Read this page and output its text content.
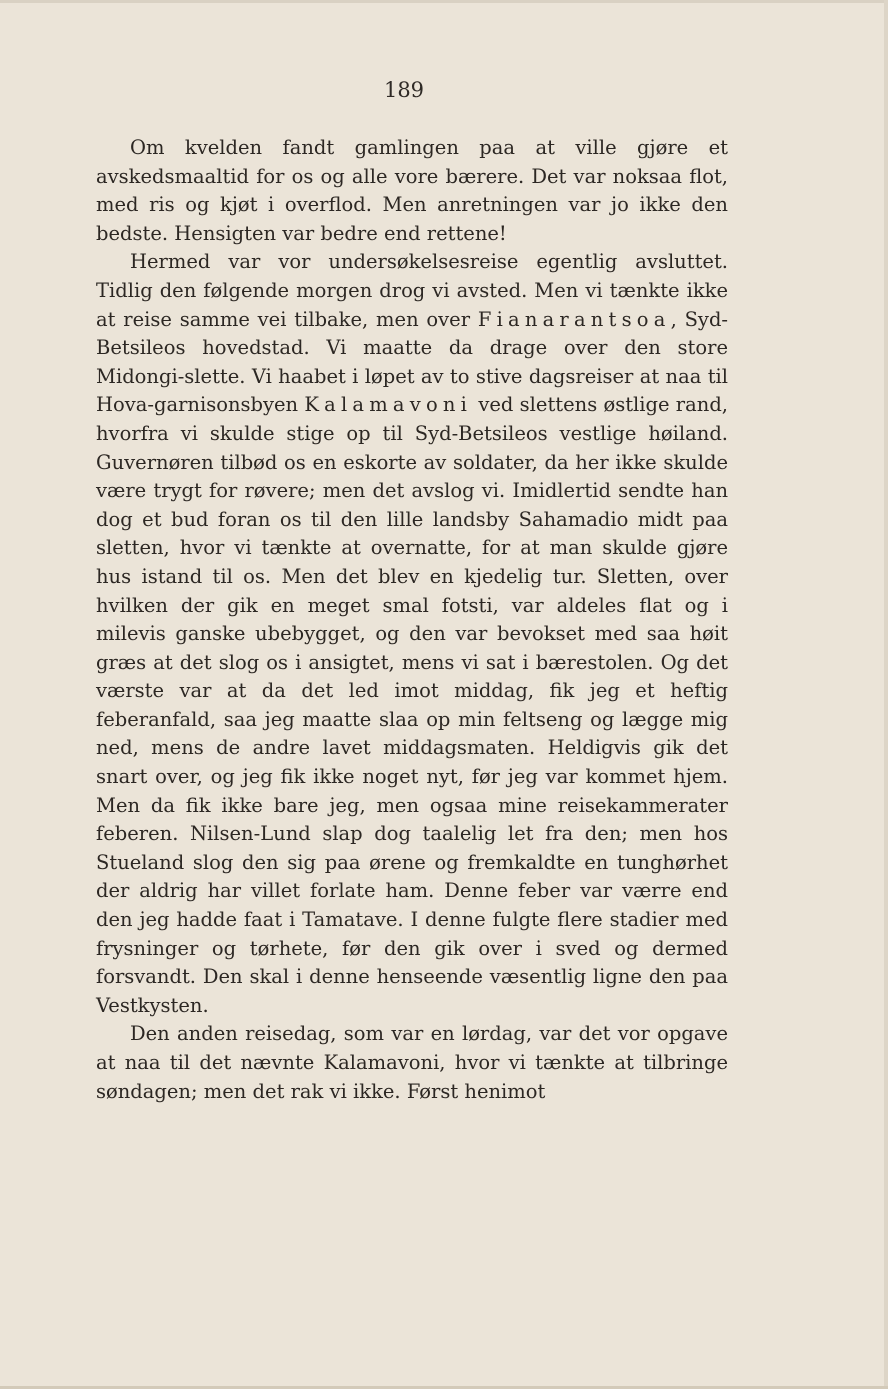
189

Om kvelden fandt gamlingen paa at ville gjøre et avskedsmaaltid for os og alle vore bærere. Det var noksaa flot, med ris og kjøt i overflod. Men anretningen var jo ikke den bedste. Hensigten var bedre end rettene!

Hermed var vor undersøkelsesreise egentlig avsluttet. Tidlig den følgende morgen drog vi avsted. Men vi tænkte ikke at reise samme vei tilbake, men over Fianarantsoa, Syd-Betsileos hovedstad. Vi maatte da drage over den store Midongi-slette. Vi haabet i løpet av to stive dagsreiser at naa til Hova-garnisonsbyen Kalamavoni ved slettens østlige rand, hvorfra vi skulde stige op til Syd-Betsileos vestlige høiland. Guvernøren tilbød os en eskorte av soldater, da her ikke skulde være trygt for røvere; men det avslog vi. Imidlertid sendte han dog et bud foran os til den lille landsby Sahamadio midt paa sletten, hvor vi tænkte at overnatte, for at man skulde gjøre hus istand til os. Men det blev en kjedelig tur. Sletten, over hvilken der gik en meget smal fotsti, var aldeles flat og i milevis ganske ubebygget, og den var bevokset med saa høit græs at det slog os i ansigtet, mens vi sat i bærestolen. Og det værste var at da det led imot middag, fik jeg et heftig feberanfald, saa jeg maatte slaa op min feltseng og lægge mig ned, mens de andre lavet middagsmaten. Heldigvis gik det snart over, og jeg fik ikke noget nyt, før jeg var kommet hjem. Men da fik ikke bare jeg, men ogsaa mine reisekammerater feberen. Nilsen-Lund slap dog taalelig let fra den; men hos Stueland slog den sig paa ørene og fremkaldte en tunghørhet der aldrig har villet forlate ham. Denne feber var værre end den jeg hadde faat i Tamatave. I denne fulgte flere stadier med frysninger og tørhete, før den gik over i sved og dermed forsvandt. Den skal i denne henseende væsentlig ligne den paa Vestkysten.

Den anden reisedag, som var en lørdag, var det vor opgave at naa til det nævnte Kalamavoni, hvor vi tænkte at tilbringe søndagen; men det rak vi ikke. Først henimot
